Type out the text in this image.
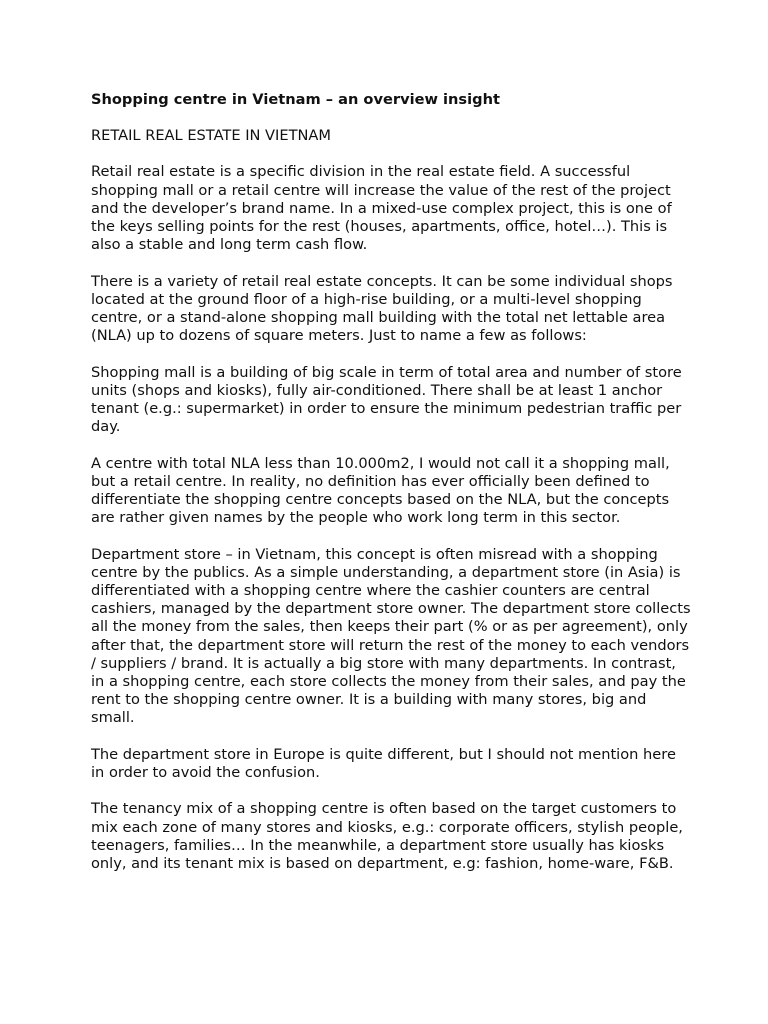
Shopping centre in Vietnam – an overview insight
RETAIL REAL ESTATE IN VIETNAM

Retail real estate is a specific division in the real estate field. A successful shopping mall or a retail centre will increase the value of the rest of the project and the developer’s brand name. In a mixed-use complex project, this is one of the keys selling points for the rest (houses, apartments, office, hotel…). This is also a stable and long term cash flow.

There is a variety of retail real estate concepts. It can be some individual shops located at the ground floor of a high-rise building, or a multi-level shopping centre, or a stand-alone shopping mall building with the total net lettable area (NLA) up to dozens of square meters. Just to name a few as follows:

Shopping mall is a building of big scale in term of total area and number of store units (shops and kiosks), fully air-conditioned. There shall be at least 1 anchor tenant (e.g.: supermarket) in order to ensure the minimum pedestrian traffic per day.

A centre with total NLA less than 10.000m2, I would not call it a shopping mall, but a retail centre. In reality, no definition has ever officially been defined to differentiate the shopping centre concepts based on the NLA, but the concepts are rather given names by the people who work long term in this sector.

Department store – in Vietnam, this concept is often misread with a shopping centre by the publics. As a simple understanding, a department store (in Asia) is differentiated with a shopping centre where the cashier counters are central cashiers, managed by the department store owner. The department store collects all the money from the sales, then keeps their part (% or as per agreement), only after that, the department store will return the rest of the money to each vendors / suppliers / brand. It is actually a big store with many departments. In contrast, in a shopping centre, each store collects the money from their sales, and pay the rent to the shopping centre owner. It is a building with many stores, big and small.

The department store in Europe is quite different, but I should not mention here in order to avoid the confusion.

The tenancy mix of a shopping centre is often based on the target customers to mix each zone of many stores and kiosks, e.g.: corporate officers, stylish people, teenagers, families… In the meanwhile, a department store usually has kiosks only, and its tenant mix is based on department, e.g: fashion, home-ware, F&B.
